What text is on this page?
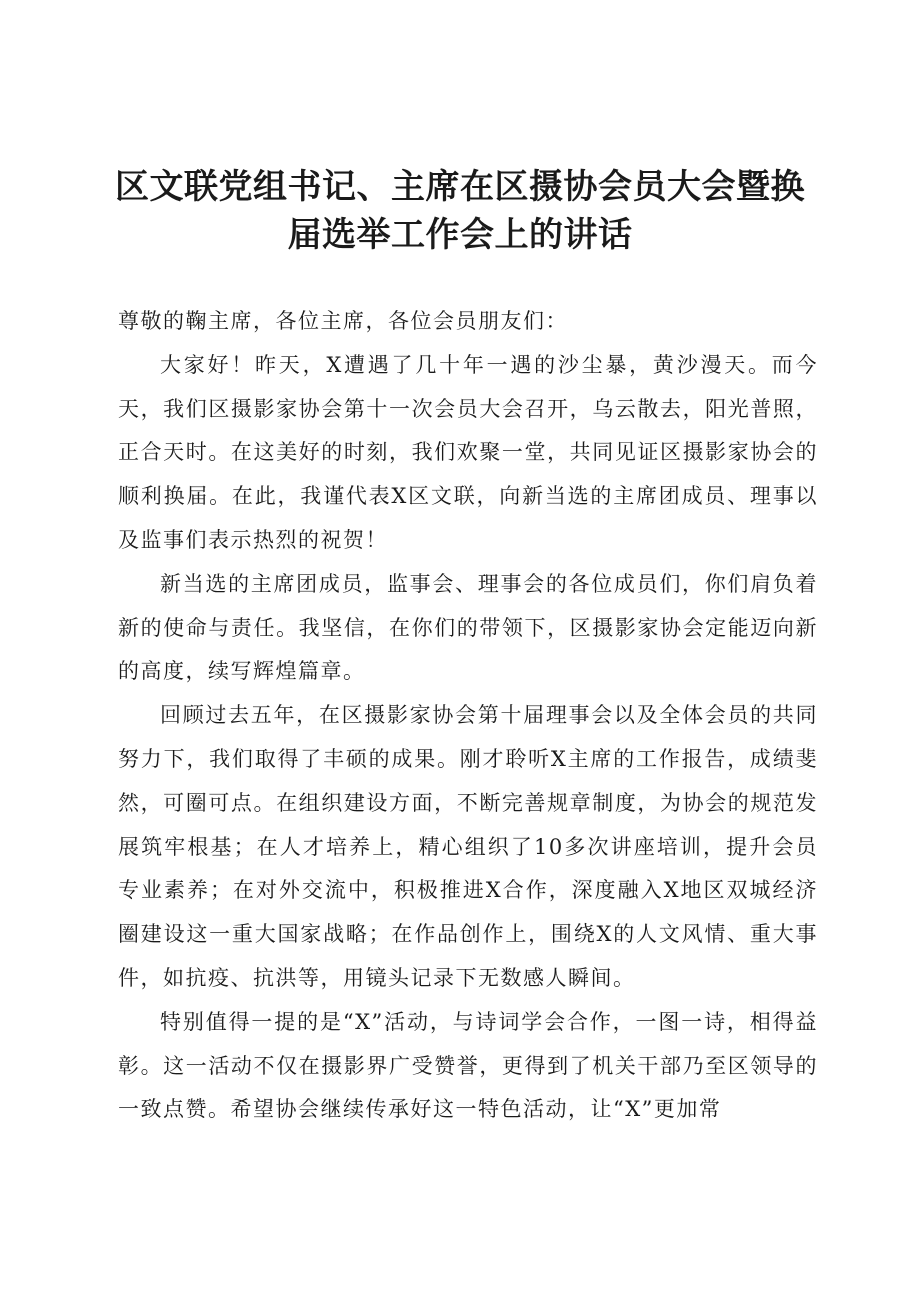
区文联党组书记、主席在区摄协会员大会暨换
届选举工作会上的讲话

尊敬的鞠主席，各位主席，各位会员朋友们：

大家好！昨天，X遭遇了几十年一遇的沙尘暴，黄沙漫天。而今天，我们区摄影家协会第十一次会员大会召开，乌云散去，阳光普照，正合天时。在这美好的时刻，我们欢聚一堂，共同见证区摄影家协会的顺利换届。在此，我谨代表X区文联，向新当选的主席团成员、理事以及监事们表示热烈的祝贺！

新当选的主席团成员，监事会、理事会的各位成员们，你们肩负着新的使命与责任。我坚信，在你们的带领下，区摄影家协会定能迈向新的高度，续写辉煌篇章。

回顾过去五年，在区摄影家协会第十届理事会以及全体会员的共同努力下，我们取得了丰硕的成果。刚才聆听X主席的工作报告，成绩斐然，可圈可点。在组织建设方面，不断完善规章制度，为协会的规范发展筑牢根基；在人才培养上，精心组织了10多次讲座培训，提升会员专业素养；在对外交流中，积极推进X合作，深度融入X地区双城经济圈建设这一重大国家战略；在作品创作上，围绕X的人文风情、重大事件，如抗疫、抗洪等，用镜头记录下无数感人瞬间。

特别值得一提的是“X”活动，与诗词学会合作，一图一诗，相得益彰。这一活动不仅在摄影界广受赞誉，更得到了机关干部乃至区领导的一致点赞。希望协会继续传承好这一特色活动，让“X”更加常
